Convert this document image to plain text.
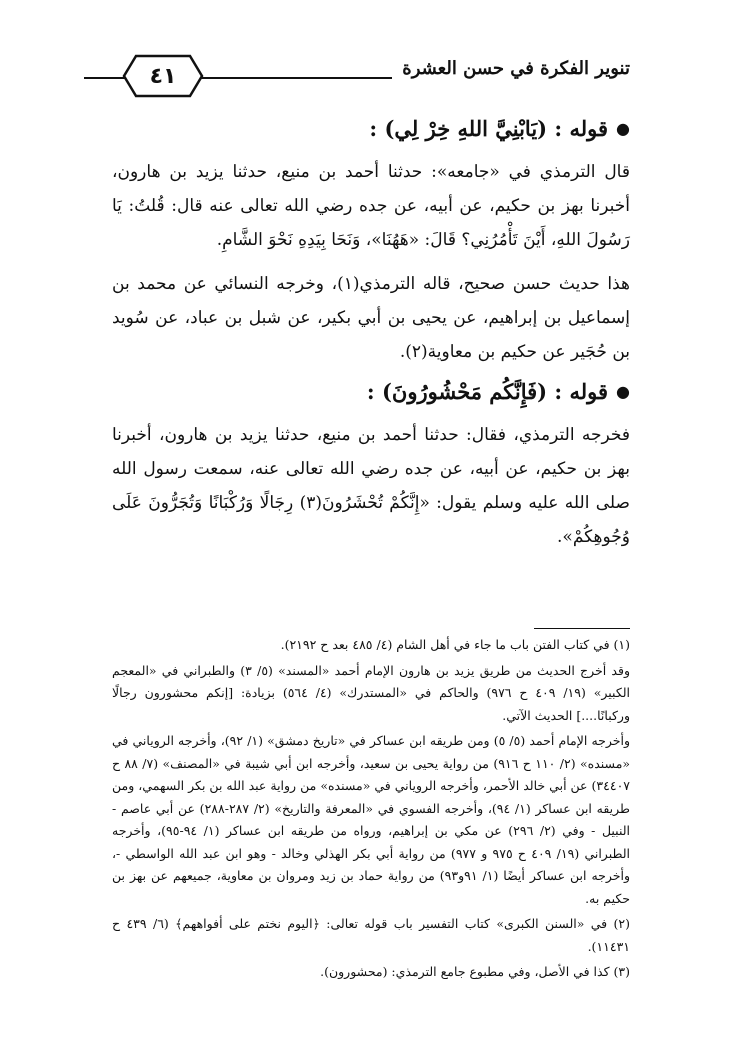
تنوير الفكرة في حسن العشرة
٤١
●
قوله : (يَابْنِيَّ اللهِ خِرْ لِي) :

قال الترمذي في «جامعه»: حدثنا أحمد بن منيع، حدثنا يزيد بن هارون، أخبرنا بهز بن حكيم، عن أبيه، عن جده رضي الله تعالى عنه قال: قُلتُ: يَا رَسُولَ اللهِ، أَيْنَ تَأْمُرُنِي؟ قَالَ: «هَهُنَا»، وَنَحَا بِيَدِهِ نَحْوَ الشَّامِ.

هذا حديث حسن صحيح، قاله الترمذي(١)، وخرجه النسائي عن محمد بن إسماعيل بن إبراهيم، عن يحيى بن أبي بكير، عن شبل بن عباد، عن سُويد بن حُجَير عن حكيم بن معاوية(٢).

●
قوله : (فَإِنَّكُم مَحْشُورُونَ) :

فخرجه الترمذي، فقال: حدثنا أحمد بن منيع، حدثنا يزيد بن هارون، أخبرنا بهز بن حكيم، عن أبيه، عن جده رضي الله تعالى عنه، سمعت رسول الله صلى الله عليه وسلم يقول: «إِنَّكُمْ تُحْشَرُونَ(٣) رِجَالًا وَرُكْبَانًا وَتُجَرُّونَ عَلَى وُجُوهِكُمْ».

(١) في كتاب الفتن باب ما جاء في أهل الشام (٤/ ٤٨٥ بعد ح ٢١٩٢).

وقد أخرج الحديث من طريق يزيد بن هارون الإمام أحمد «المسند» (٥/ ٣) والطبراني في «المعجم الكبير» (١٩/ ٤٠٩ ح ٩٧٦) والحاكم في «المستدرك» (٤/ ٥٦٤) بزيادة: [إنكم محشورون رجالًا وركبانًا....] الحديث الآتي.

وأخرجه الإمام أحمد (٥/ ٥) ومن طريقه ابن عساكر في «تاريخ دمشق» (١/ ٩٢)، وأخرجه الروياني في «مسنده» (٢/ ١١٠ ح ٩١٦) من رواية يحيى بن سعيد، وأخرجه ابن أبي شيبة في «المصنف» (٧/ ٨٨ ح ٣٤٤٠٧) عن أبي خالد الأحمر، وأخرجه الروياني في «مسنده» من رواية عبد الله بن بكر السهمي، ومن طريقه ابن عساكر (١/ ٩٤)، وأخرجه الفسوي في «المعرفة والتاريخ» (٢/ ٢٨٧-٢٨٨) عن أبي عاصم - النبيل - وفي (٢/ ٢٩٦) عن مكي بن إبراهيم، ورواه من طريقه ابن عساكر (١/ ٩٤-٩٥)، وأخرجه الطبراني (١٩/ ٤٠٩ ح ٩٧٥ و ٩٧٧) من رواية أبي بكر الهذلي وخالد - وهو ابن عبد الله الواسطي -، وأخرجه ابن عساكر أيضًا (١/ ٩١و٩٣) من رواية حماد بن زيد ومروان بن معاوية، جميعهم عن بهز بن حكيم به.

(٢) في «السنن الكبرى» كتاب التفسير باب قوله تعالى: ﴿اليوم نختم على أفواههم﴾ (٦/ ٤٣٩ ح ١١٤٣١).

(٣) كذا في الأصل، وفي مطبوع جامع الترمذي: (محشورون).
